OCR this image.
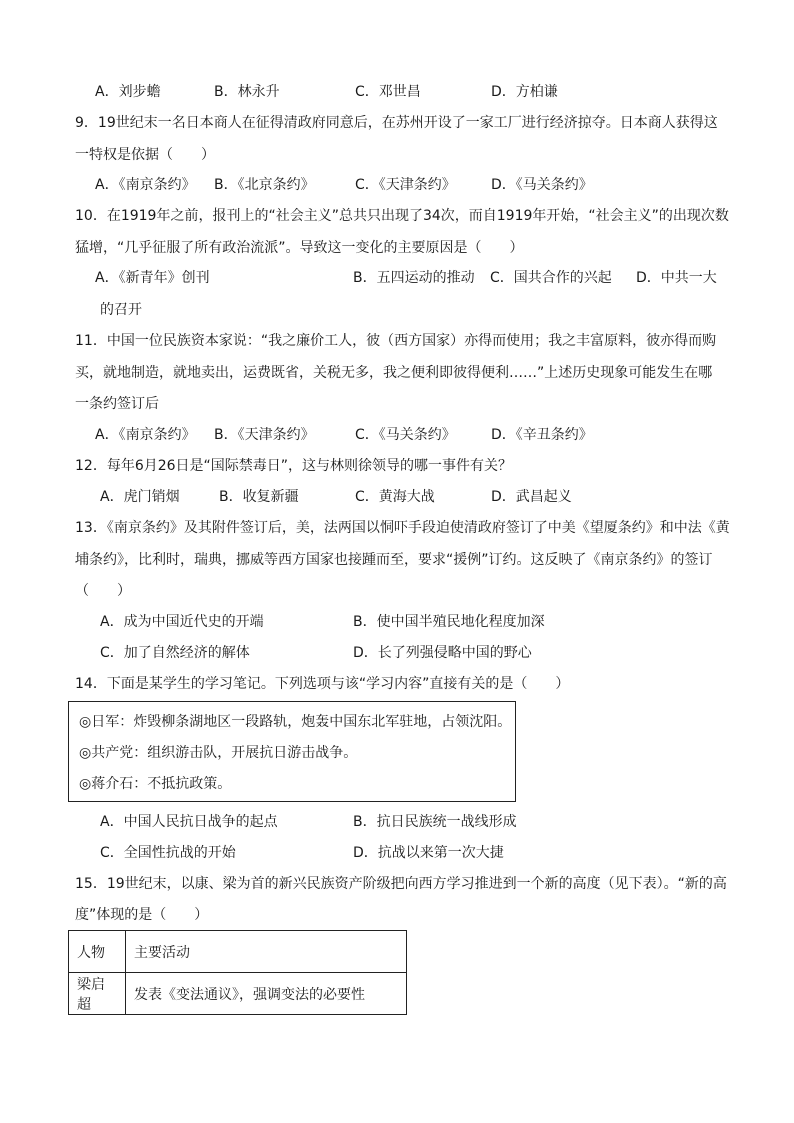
A．刘步蟾	B．林永升	C．邓世昌	D．方柏谦
9．19世纪末一名日本商人在征得清政府同意后，在苏州开设了一家工厂进行经济掠夺。日本商人获得这
一特权是依据（　　）
A．《南京条约》 B．《北京条约》	C．《天津条约》	D．《马关条约》
10．在1919年之前，报刊上的“社会主义”总共只出现了34次，而自1919年开始，“社会主义”的出现次数
猛增，“几乎征服了所有政治流派”。导致这一变化的主要原因是（　　）
A．《新青年》创刊	B．五四运动的推动 C．国共合作的兴起 D．中共一大
的召开
11．中国一位民族资本家说：“我之廉价工人，彼（西方国家）亦得而使用；我之丰富原料，彼亦得而购
买，就地制造，就地卖出，运费既省，关税无多，我之便利即彼得便利……”上述历史现象可能发生在哪
一条约签订后
A．《南京条约》 B．《天津条约》	C．《马关条约》	D．《辛丑条约》
12．每年6月26日是“国际禁毒日”，这与林则徐领导的哪一事件有关？
A．虎门销烟	B．收复新疆	C．黄海大战	D．武昌起义
13．《南京条约》及其附件签订后，美，法两国以恫吓手段迫使清政府签订了中美《望厦条约》和中法《黄
埔条约》，比利时，瑞典，挪威等西方国家也接踵而至，要求“援例”订约。这反映了《南京条约》的签订
（　　）
A．成为中国近代史的开端	B．使中国半殖民地化程度加深
C．加了自然经济的解体	D．长了列强侵略中国的野心
14．下面是某学生的学习笔记。下列选项与该“学习内容”直接有关的是（　　）
◎日军：炸毁柳条湖地区一段路轨，炮轰中国东北军驻地，占领沈阳。
◎共产党：组织游击队，开展抗日游击战争。
◎蒋介石：不抵抗政策。
A．中国人民抗日战争的起点	B．抗日民族统一战线形成
C．全国性抗战的开始	D．抗战以来第一次大捷
15．19世纪末，以康、梁为首的新兴民族资产阶级把向西方学习推进到一个新的高度（见下表）。“新的高
度”体现的是（　　）
人物	主要活动
梁启超	发表《变法通议》，强调变法的必要性
